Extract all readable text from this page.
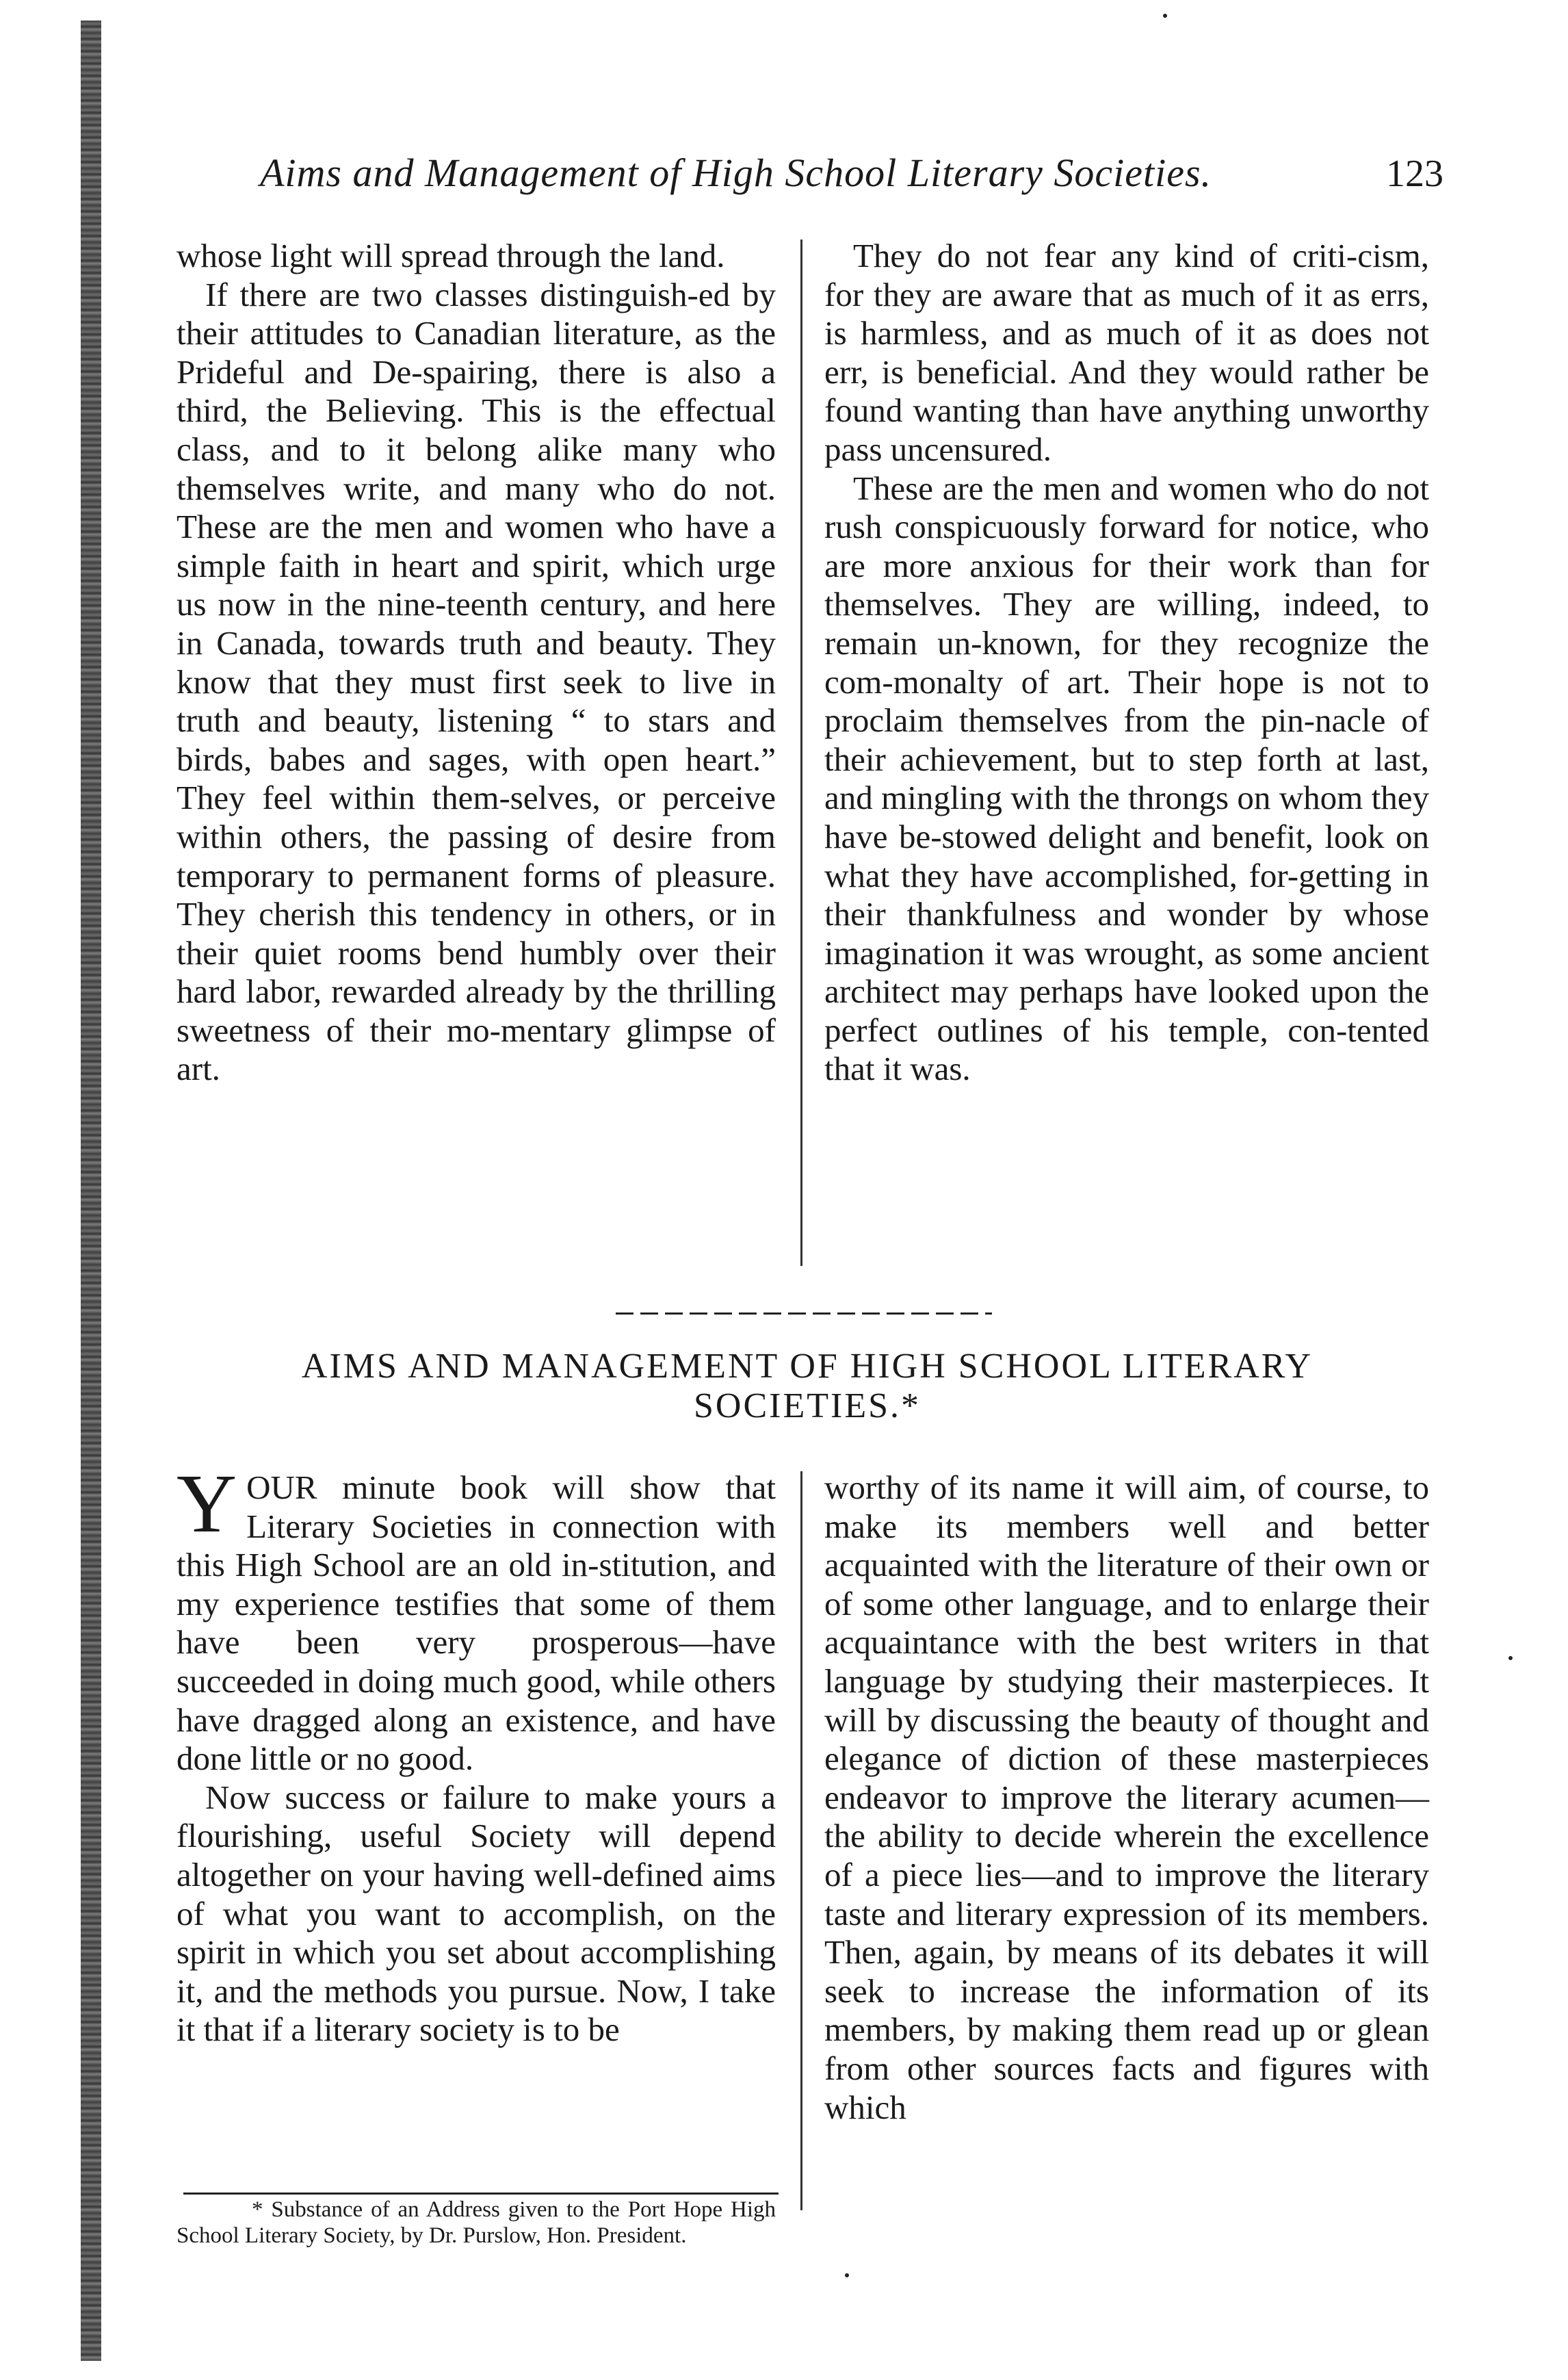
Aims and Management of High School Literary Societies.	123

whose light will spread through the land.

If there are two classes distinguish-ed by their attitudes to Canadian literature, as the Prideful and De-spairing, there is also a third, the Believing. This is the effectual class, and to it belong alike many who themselves write, and many who do not. These are the men and women who have a simple faith in heart and spirit, which urge us now in the nine-teenth century, and here in Canada, towards truth and beauty. They know that they must first seek to live in truth and beauty, listening “ to stars and birds, babes and sages, with open heart.” They feel within them-selves, or perceive within others, the passing of desire from temporary to permanent forms of pleasure. They cherish this tendency in others, or in their quiet rooms bend humbly over their hard labor, rewarded already by the thrilling sweetness of their mo-mentary glimpse of art.

They do not fear any kind of criti-cism, for they are aware that as much of it as errs, is harmless, and as much of it as does not err, is beneficial. And they would rather be found wanting than have anything unworthy pass uncensured.

These are the men and women who do not rush conspicuously forward for notice, who are more anxious for their work than for themselves. They are willing, indeed, to remain un-known, for they recognize the com-monalty of art. Their hope is not to proclaim themselves from the pin-nacle of their achievement, but to step forth at last, and mingling with the throngs on whom they have be-stowed delight and benefit, look on what they have accomplished, for-getting in their thankfulness and wonder by whose imagination it was wrought, as some ancient architect may perhaps have looked upon the perfect outlines of his temple, con-tented that it was.

AIMS AND MANAGEMENT OF HIGH SCHOOL LITERARY SOCIETIES.*

YOUR minute book will show that Literary Societies in connection with this High School are an old in-stitution, and my experience testifies that some of them have been very prosperous—have succeeded in doing much good, while others have dragged along an existence, and have done little or no good.

Now success or failure to make yours a flourishing, useful Society will depend altogether on your having well-defined aims of what you want to accomplish, on the spirit in which you set about accomplishing it, and the methods you pursue. Now, I take it that if a literary society is to be

* Substance of an Address given to the Port Hope High School Literary Society, by Dr. Purslow, Hon. President.

worthy of its name it will aim, of course, to make its members well and better acquainted with the literature of their own or of some other language, and to enlarge their acquaintance with the best writers in that language by studying their masterpieces. It will by discussing the beauty of thought and elegance of diction of these masterpieces endeavor to improve the literary acumen—the ability to decide wherein the excellence of a piece lies—and to improve the literary taste and literary expression of its members. Then, again, by means of its debates it will seek to increase the information of its members, by making them read up or glean from other sources facts and figures with which
